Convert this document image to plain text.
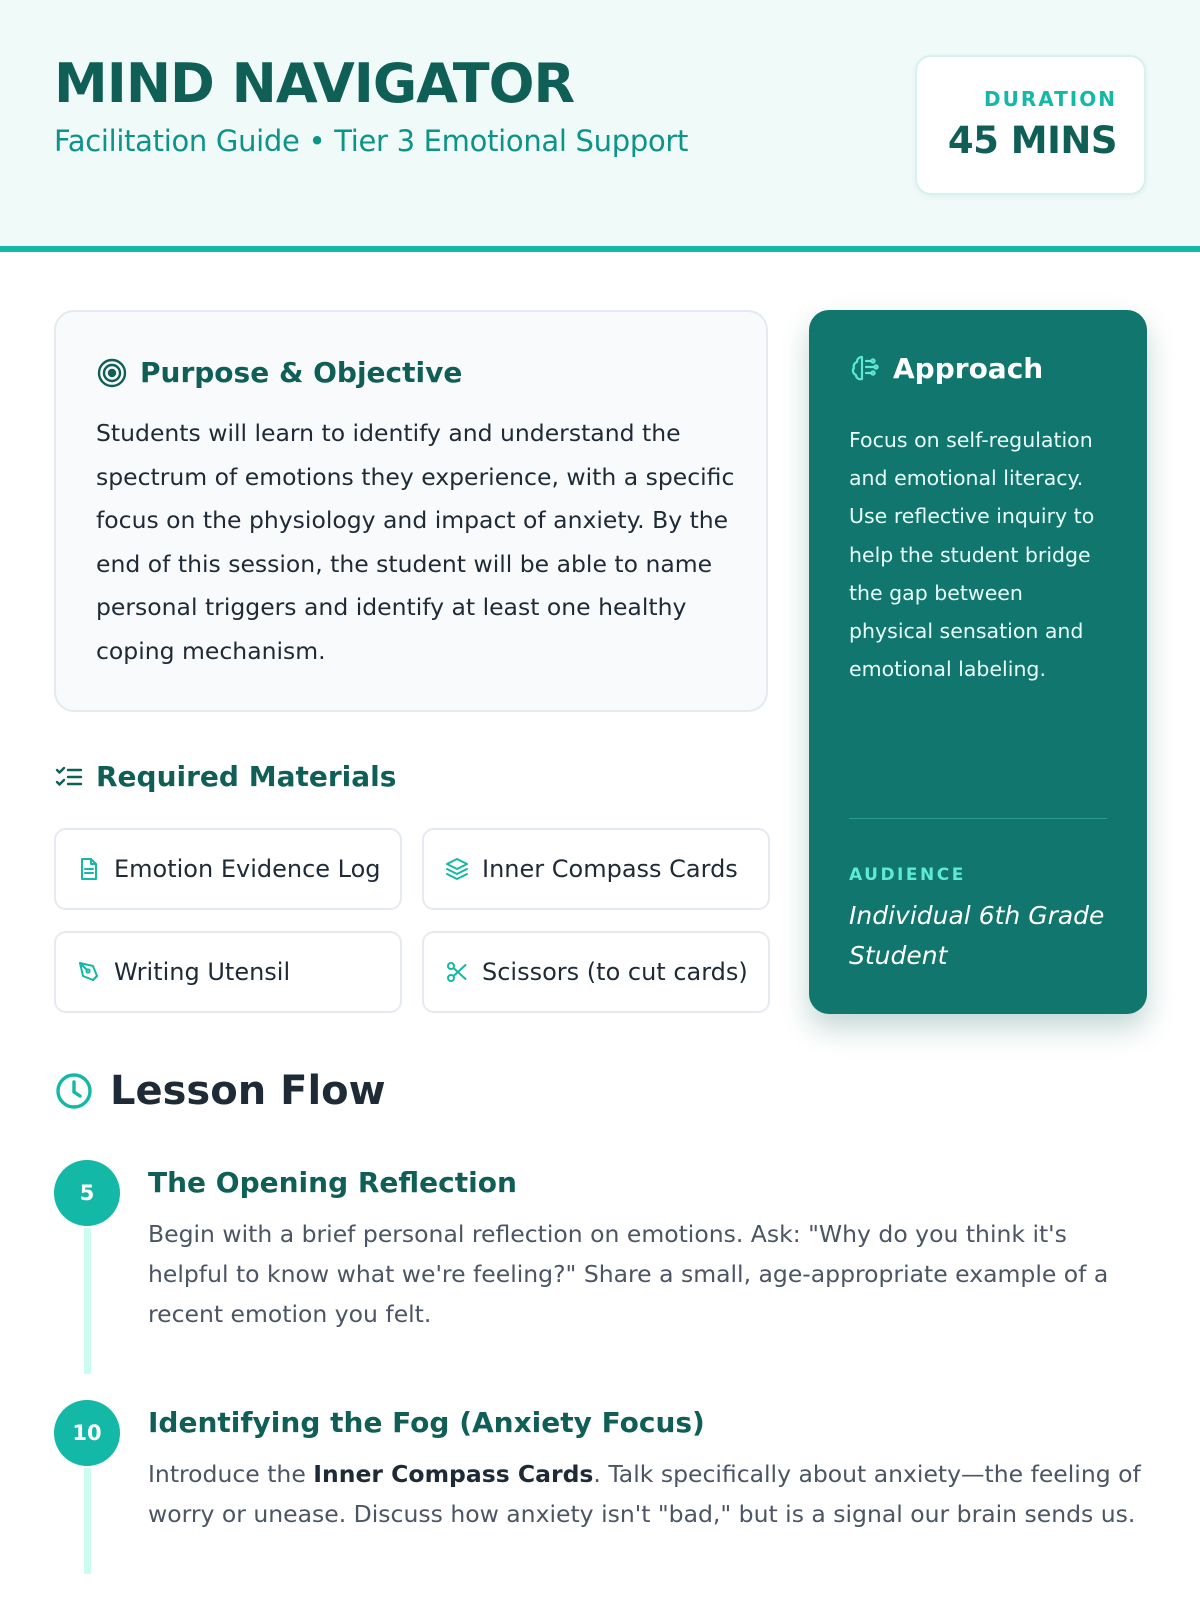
MIND NAVIGATOR
Facilitation Guide • Tier 3 Emotional Support
DURATION
45 MINS
Purpose & Objective
Students will learn to identify and understand the spectrum of emotions they experience, with a specific focus on the physiology and impact of anxiety. By the end of this session, the student will be able to name personal triggers and identify at least one healthy coping mechanism.
Approach
Focus on self-regulation and emotional literacy. Use reflective inquiry to help the student bridge the gap between physical sensation and emotional labeling.
AUDIENCE
Individual 6th Grade Student
Required Materials
Emotion Evidence Log	Inner Compass Cards
Writing Utensil	Scissors (to cut cards)
Lesson Flow
5	The Opening Reflection
Begin with a brief personal reflection on emotions. Ask: "Why do you think it's helpful to know what we're feeling?" Share a small, age-appropriate example of a recent emotion you felt.
10	Identifying the Fog (Anxiety Focus)
Introduce the Inner Compass Cards. Talk specifically about anxiety—the feeling of worry or unease. Discuss how anxiety isn't "bad," but is a signal our brain sends us.
